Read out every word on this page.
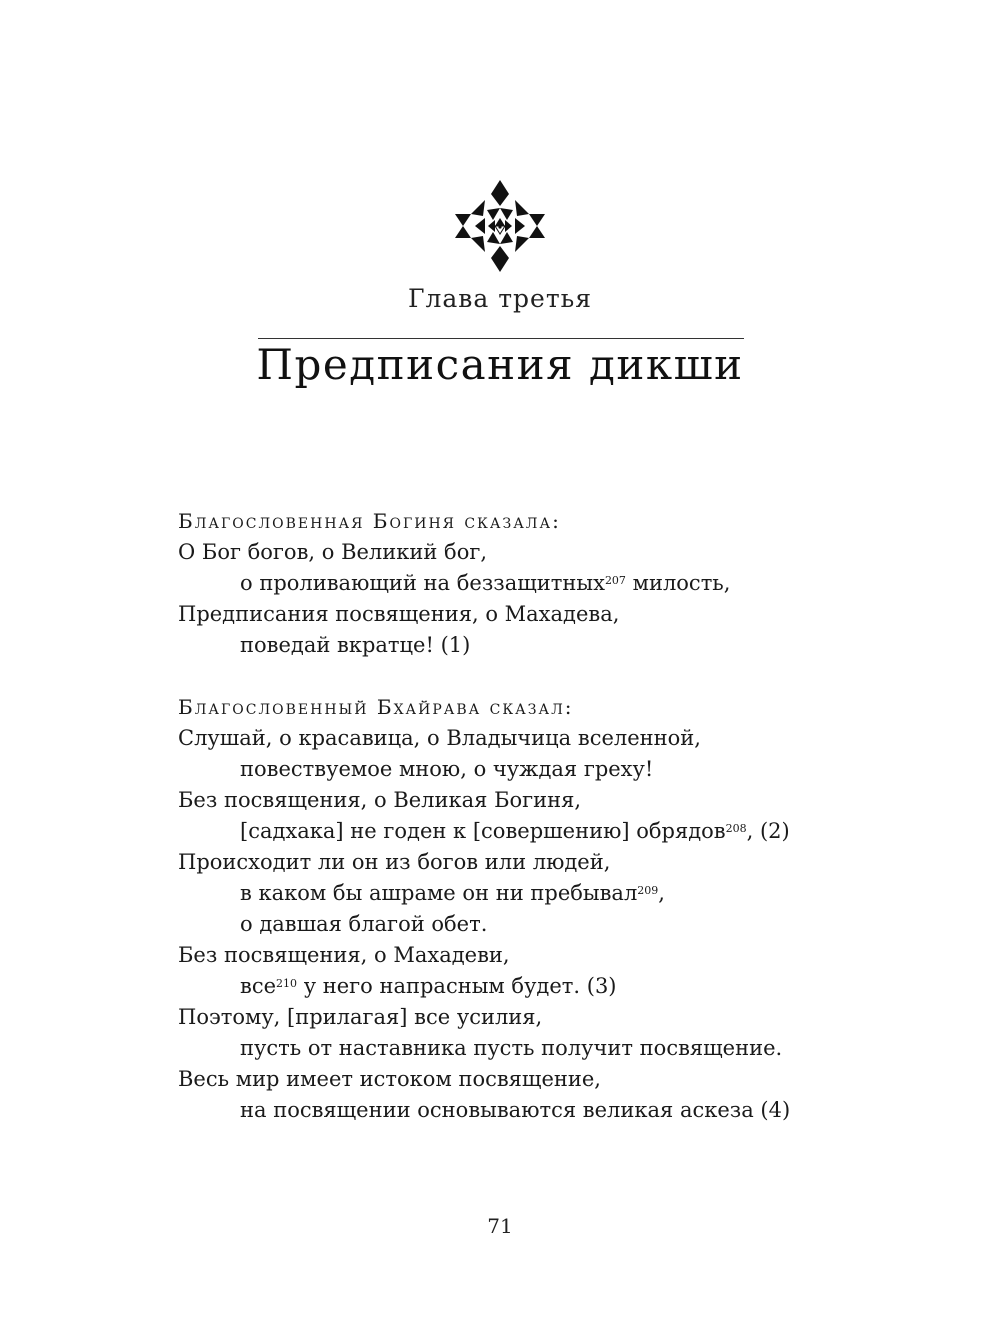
Глава третья
Предписания дикши
Благословенная Богиня сказала:
О Бог богов, о Великий бог,
о проливающий на беззащитных$^{207}$ милость,
Предписания посвящения, о Махадева,
поведай вкратце! (1)
Благословенный Бхайрава сказал:
Слушай, о красавица, о Владычица вселенной,
повествуемое мною, о чуждая греху!
Без посвящения, о Великая Богиня,
[садхака] не годен к [совершению] обрядов$^{208}$, (2)
Происходит ли он из богов или людей,
в каком бы ашраме он ни пребывал$^{209}$,
о давшая благой обет.
Без посвящения, о Махадеви,
все$^{210}$ у него напрасным будет. (3)
Поэтому, [прилагая] все усилия,
пусть от наставника пусть получит посвящение.
Весь мир имеет истоком посвящение,
на посвящении основываются великая аскеза (4)
71
